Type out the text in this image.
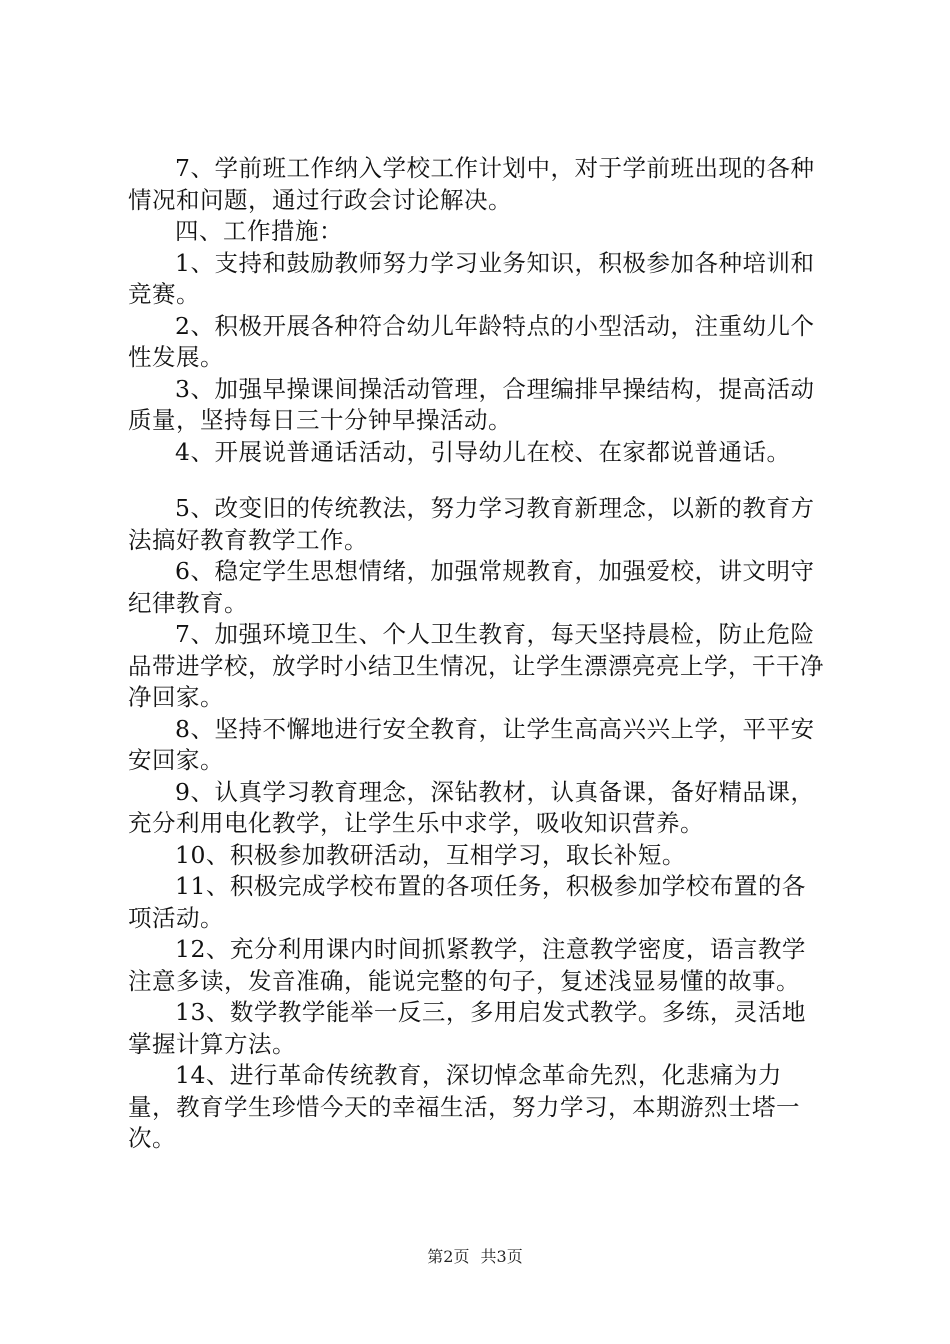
7、学前班工作纳入学校工作计划中，对于学前班出现的各种情况和问题，通过行政会讨论解决。

四、工作措施：

1、支持和鼓励教师努力学习业务知识，积极参加各种培训和竞赛。

2、积极开展各种符合幼儿年龄特点的小型活动，注重幼儿个性发展。

3、加强早操课间操活动管理，合理编排早操结构，提高活动质量，坚持每日三十分钟早操活动。

4、开展说普通话活动，引导幼儿在校、在家都说普通话。

5、改变旧的传统教法，努力学习教育新理念，以新的教育方法搞好教育教学工作。

6、稳定学生思想情绪，加强常规教育，加强爱校，讲文明守纪律教育。

7、加强环境卫生、个人卫生教育，每天坚持晨检，防止危险品带进学校，放学时小结卫生情况，让学生漂漂亮亮上学，干干净净回家。

8、坚持不懈地进行安全教育，让学生高高兴兴上学，平平安安回家。

9、认真学习教育理念，深钻教材，认真备课，备好精品课，充分利用电化教学，让学生乐中求学，吸收知识营养。

10、积极参加教研活动，互相学习，取长补短。

11、积极完成学校布置的各项任务，积极参加学校布置的各项活动。

12、充分利用课内时间抓紧教学，注意教学密度，语言教学注意多读，发音准确，能说完整的句子，复述浅显易懂的故事。

13、数学教学能举一反三，多用启发式教学。多练，灵活地掌握计算方法。

14、进行革命传统教育，深切悼念革命先烈，化悲痛为力量，教育学生珍惜今天的幸福生活，努力学习，本期游烈士塔一次。

第2页 共3页
